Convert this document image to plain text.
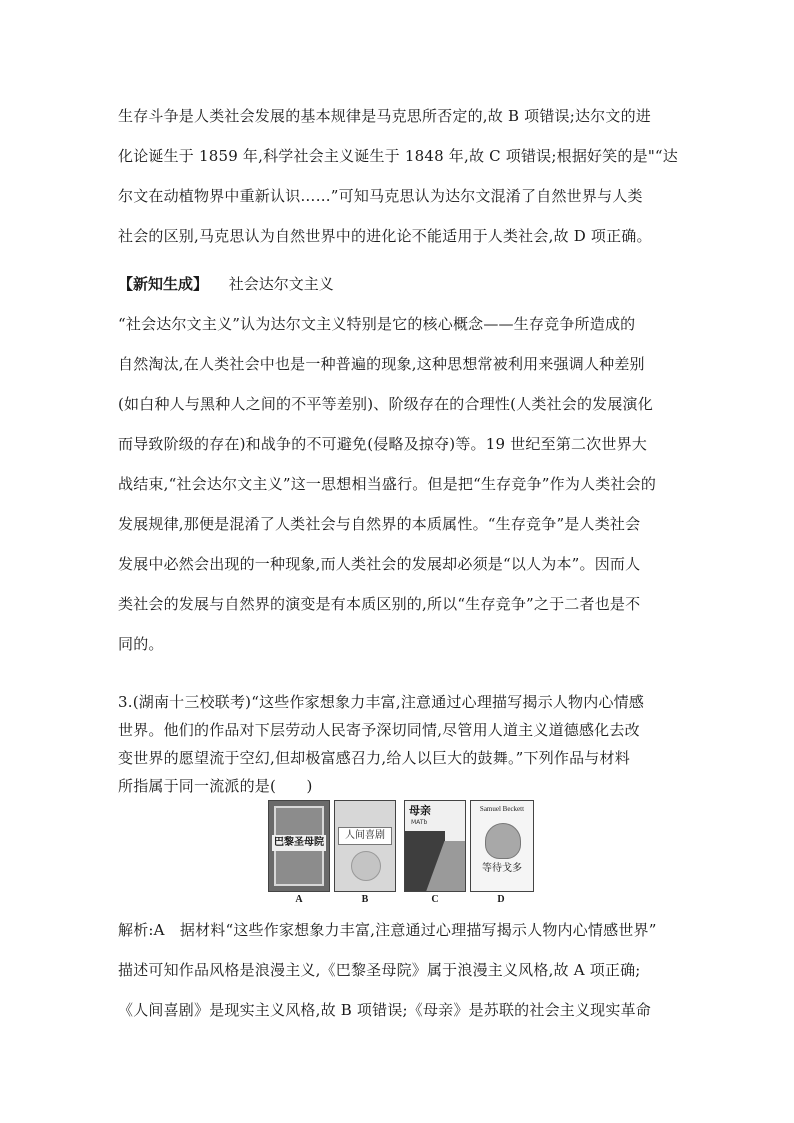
生存斗争是人类社会发展的基本规律是马克思所否定的,故 B 项错误;达尔文的进
化论诞生于 1859 年,科学社会主义诞生于 1848 年,故 C 项错误;根据好笑的是"“达
尔文在动植物界中重新认识……”可知马克思认为达尔文混淆了自然世界与人类
社会的区别,马克思认为自然世界中的进化论不能适用于人类社会,故 D 项正确。
【新知生成】 社会达尔文主义
“社会达尔文主义”认为达尔文主义特别是它的核心概念——生存竞争所造成的
自然淘汰,在人类社会中也是一种普遍的现象,这种思想常被利用来强调人种差别
(如白种人与黑种人之间的不平等差别)、阶级存在的合理性(人类社会的发展演化
而导致阶级的存在)和战争的不可避免(侵略及掠夺)等。19 世纪至第二次世界大
战结束,“社会达尔文主义”这一思想相当盛行。但是把“生存竞争”作为人类社会的
发展规律,那便是混淆了人类社会与自然界的本质属性。“生存竞争”是人类社会
发展中必然会出现的一种现象,而人类社会的发展却必须是“以人为本”。因而人
类社会的发展与自然界的演变是有本质区别的,所以“生存竞争”之于二者也是不
同的。
3.(湖南十三校联考)“这些作家想象力丰富,注意通过心理描写揭示人物内心情感
世界。他们的作品对下层劳动人民寄予深切同情,尽管用人道主义道德感化去改
变世界的愿望流于空幻,但却极富感召力,给人以巨大的鼓舞。”下列作品与材料
所指属于同一流派的是(　　)
巴黎圣母院
A
人间喜剧
B
母亲
MATb
C
Samuel Beckett
等待戈多
D
解析:A　据材料“这些作家想象力丰富,注意通过心理描写揭示人物内心情感世界”
描述可知作品风格是浪漫主义,《巴黎圣母院》属于浪漫主义风格,故 A 项正确;
《人间喜剧》是现实主义风格,故 B 项错误;《母亲》是苏联的社会主义现实革命
